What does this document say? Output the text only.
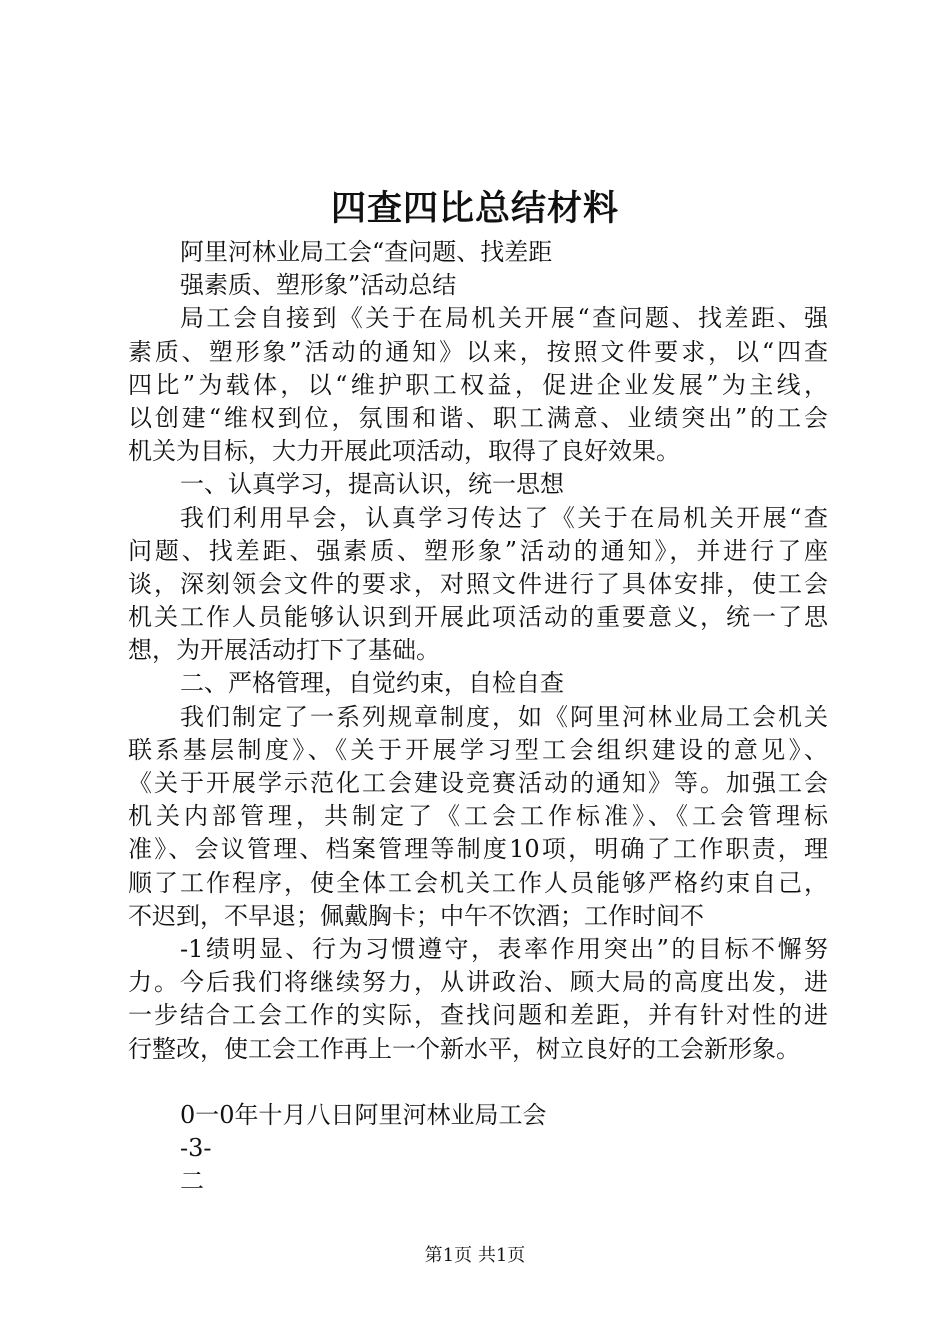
四查四比总结材料
阿里河林业局工会“查问题、找差距
强素质、塑形象”活动总结
局工会自接到《关于在局机关开展“查问题、找差距、强
素质、塑形象”活动的通知》以来，按照文件要求，以“四查
四比”为载体，以“维护职工权益，促进企业发展”为主线，
以创建“维权到位，氛围和谐、职工满意、业绩突出”的工会
机关为目标，大力开展此项活动，取得了良好效果。
一、认真学习，提高认识，统一思想
我们利用早会，认真学习传达了《关于在局机关开展“查
问题、找差距、强素质、塑形象”活动的通知》，并进行了座
谈，深刻领会文件的要求，对照文件进行了具体安排，使工会
机关工作人员能够认识到开展此项活动的重要意义，统一了思
想，为开展活动打下了基础。
二、严格管理，自觉约束，自检自查
我们制定了一系列规章制度，如《阿里河林业局工会机关
联系基层制度》、《关于开展学习型工会组织建设的意见》、
《关于开展学示范化工会建设竞赛活动的通知》等。加强工会
机关内部管理，共制定了《工会工作标准》、《工会管理标
准》、会议管理、档案管理等制度10项，明确了工作职责，理
顺了工作程序，使全体工会机关工作人员能够严格约束自己，
不迟到，不早退；佩戴胸卡；中午不饮酒；工作时间不
-1绩明显、行为习惯遵守，表率作用突出”的目标不懈努
力。今后我们将继续努力，从讲政治、顾大局的高度出发，进
一步结合工会工作的实际，查找问题和差距，并有针对性的进
行整改，使工会工作再上一个新水平，树立良好的工会新形象。
0一0年十月八日阿里河林业局工会
-3-
二
第1页 共1页
